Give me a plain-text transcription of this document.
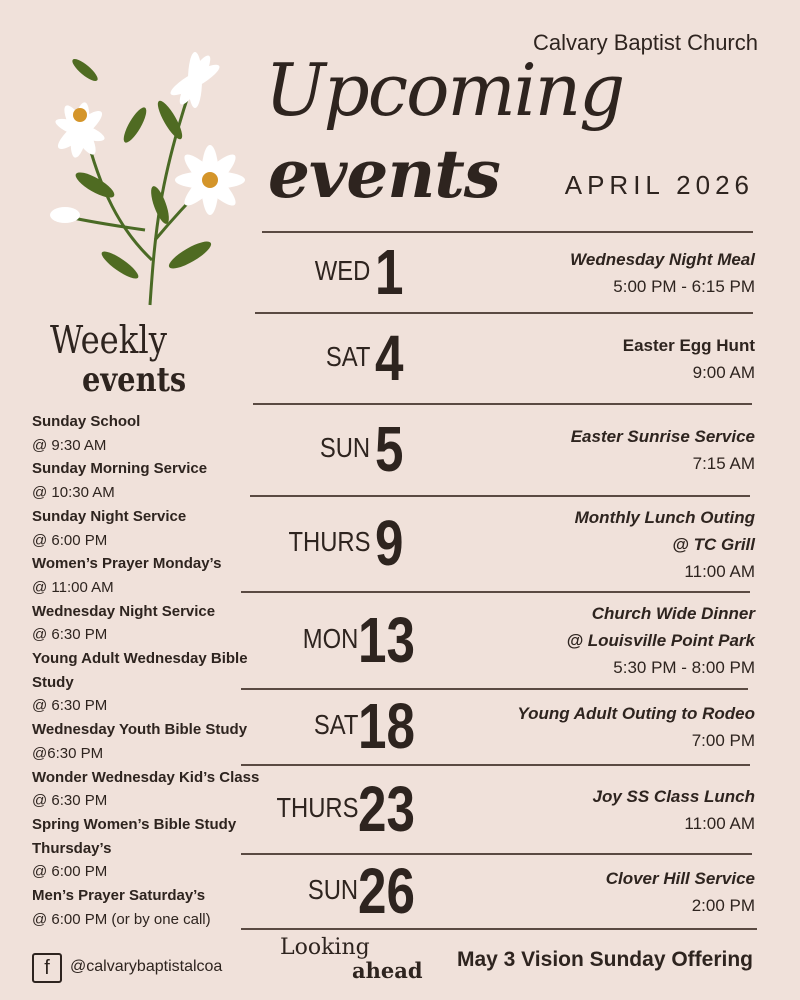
Calvary Baptist Church
Upcoming
events APRIL 2026
WED 1	Wednesday Night Meal
5:00 PM - 6:15 PM
SAT 4	Easter Egg Hunt
9:00 AM
SUN 5	Easter Sunrise Service
7:15 AM
THURS 9	Monthly Lunch Outing
@ TC Grill
11:00 AM
MON 13	Church Wide Dinner
@ Louisville Point Park
5:30 PM - 8:00 PM
SAT 18	Young Adult Outing to Rodeo
7:00 PM
THURS 23	Joy SS Class Lunch
11:00 AM
SUN 26	Clover Hill Service
2:00 PM
Weekly
events
Sunday School
@ 9:30 AM
Sunday Morning Service
@ 10:30 AM
Sunday Night Service
@ 6:00 PM
Women’s Prayer Monday’s
@ 11:00 AM
Wednesday Night Service
@ 6:30 PM
Young Adult Wednesday Bible
Study
@ 6:30 PM
Wednesday Youth Bible Study
@6:30 PM
Wonder Wednesday Kid’s Class
@ 6:30 PM
Spring Women’s Bible Study
Thursday’s
@ 6:00 PM
Men’s Prayer Saturday’s
@ 6:00 PM (or by one call)
f	@calvarybaptistalcoa
Looking
ahead May 3 Vision Sunday Offering
